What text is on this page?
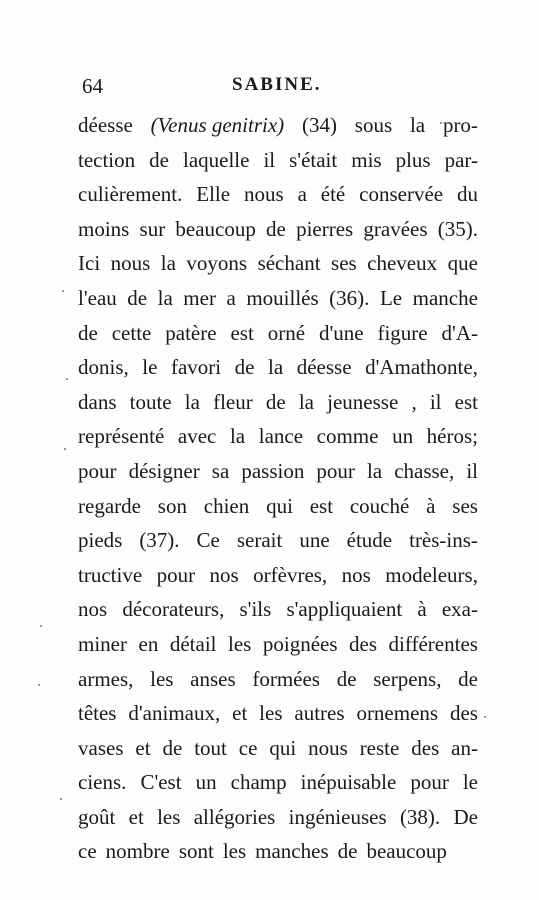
64	SABINE.
déesse (Venus genitrix) (34) sous la pro-
tection de laquelle il s'était mis plus par-
culièrement. Elle nous a été conservée du
moins sur beaucoup de pierres gravées (35).
Ici nous la voyons séchant ses cheveux que
l'eau de la mer a mouillés (36). Le manche
de cette patère est orné d'une figure d'A-
donis, le favori de la déesse d'Amathonte,
dans toute la fleur de la jeunesse , il est
représenté avec la lance comme un héros;
pour désigner sa passion pour la chasse, il
regarde son chien qui est couché à ses
pieds (37). Ce serait une étude très-ins-
tructive pour nos orfèvres, nos modeleurs,
nos décorateurs, s'ils s'appliquaient à exa-
miner en détail les poignées des différentes
armes, les anses formées de serpens, de
têtes d'animaux, et les autres ornemens des
vases et de tout ce qui nous reste des an-
ciens. C'est un champ inépuisable pour le
goût et les allégories ingénieuses (38). De
ce nombre sont les manches de beaucoup
